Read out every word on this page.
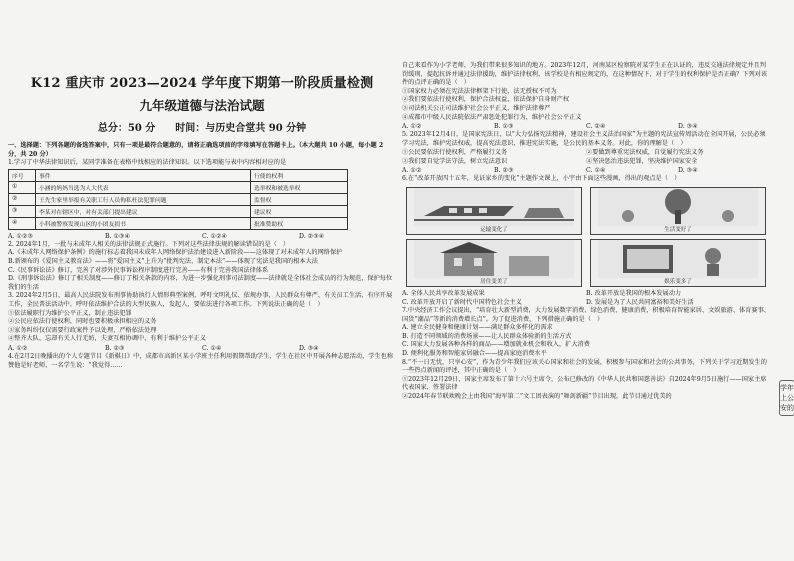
K12 重庆市 2023—2024 学年度下期第一阶段质量检测
九年级道德与法治试题
总分：50 分　　时间：与历史合堂共 90 分钟

一、选择题：下列各题的备选答案中，只有一项是最符合题意的，请将正确选项前的字母填写在答题卡上。（本大题共 10 小题，每小题 2 分，共 20 分）

1.学习了中华法律知识后，某同学准备在表格中找相应的法律知识。以下选项能与表中内容相对应的是

序号	事件	行使的权利
①	小涵的妈妈当选为人大代表	选举权和被选举权
②	王先生家里举报有关职工行人员徇私枉法犯罪问题	监督权
③	李某对在辖区中，对有关部门提出建议	建议权
④	小科被警察发现山区的小团友捐书	批准赞助权
A. ①②③	B. ①③④	C. ①②④	D. ②③④

2. 2024年1月，一批与未成年人相关的法律法规正式施行。下列对这些法律法规的解读错误的是（　）

A.《未成年人网络保护条例》的施行标志着我国未成年人网络保护法治建设进入新阶段——这体现了对未成年人的网络保护

B.新颁布的《爱国主义教育法》——将“爱国主义”上升为“批判宪法、制定本法”——体现了宪法是我国的根本大法

C.《民事诉讼法》修订，完善了对涉外民事诉讼程序制度进行完善——有利于完善我国法律体系

D.《刑事诉讼法》修订了相关制度——修订了相关条款的内容，为进一步强化刑事司法制度——法律就是全体社会成员的行为规范，保护每位我们的生活

3. 2024年2月5日，最高人民法院发布刑事协助执行人情形典型案例，呼吁文明礼仪、依规办事，人民群众有尊严、有关员工生活、有序开展工作，全民普法活动中，呼吁依法维护合法的大型民族人，发起人，要依法进行各项工作。下列说法正确的是（　）

①依法履职行为维护公平正义，制止违法犯罪

②公民应依法行使权利，同时也要积极承担相应的义务

③家务纠纷仅仅需要行政案件予以处理，严格依法处理

④整齐大队、忘却有关人行无妨，夫妻互相协调中，有利于维护公平正义

A. ①②	B. ②③	C. ①④	D. ③④

4.在2月2日晚播出的个人专题节目《新棋日》中，成都市高新区某小学班主任利用假期帮助学生，学生在社区中开展各种志愿活动，学生也称赞他是好老师，一名学生说：“我觉得……

自己来看作为小学老师，为我们带来很多知识的地方。2023年12月，河南某区检察院对某学生正在认证的，违反交通法律规定并且判罚缓刑，提起抗诉并通过法律援助，维护法律权利，该学校是有相应规定的，在这种情况下，对于学生的权利保护是否正确？下列对该件的点评正确的是（　）

①国家权力必须在宪法法律框架下行使，法无授权不可为

②我们要依法行使权利，保护合法权益，依法保护自身财产权

③司法机关公正司法维护社会公平正义，维护法律尊严

④成都市中级人民法院依法严肃惩处犯罪行为，维护社会公平正义

A. ①②	B. ①③	C. ②④	D. ③④

5. 2023年12月4日，是国家宪法日，以“大力弘扬宪法精神，建设社会主义法治国家”为主题的宪法宣传周活动在全国开展，公民必须学习宪法，维护宪法权威，提高宪法意识，推进宪法实施，是公民的基本义务。对此，你的理解是（　）

①公民要依法行使权利，严格履行义务	②要做到尊重宪法权威，自觉履行宪法义务
③我们要自觉学法守法，树立宪法意识	④坚决惩治违法犯罪，坚决维护国家安全
A. ①②	B. ②③	C. ①④	D. ③④

6.在“改革开放四十五年，见证家乡的变化”主题作文课上，小宇由下面这些漫画，得出的观点是（　）

运输变化了	生活变好了
居住变美了	娱乐变多了
A. 全体人民共享改革发展成果	B. 改革开放是我国的根本发展动力
C. 改革开放开启了新时代中国特色社会主义	D. 发展是为了人民共同富裕和美好生活

7.中央经济工作会议提出，“培育壮大新型消费，大力发展数字消费、绿色消费、健康消费，积极培育智能家居、文娱旅游、体育赛事、国货“潮品”等新的消费增长点”。为了促进消费，下列措施正确的是（　）

A. 建立全民健身和健康计划——满足群众多样化的需求

B. 打造不同领域的消费场景——让人民群众体验新的生活方式

C. 国家大力发展各种各样的商品——增加就业机会和收入，扩大消费

D. 便利化服务和智能家居融合——提高家庭消费水平

8.“不一日无忧，只享心安”，作为青少年我们应该关心国家和社会的发展，积极参与国家和社会的公共事务，下列关于学习近期发生的一些热点新闻的评述，其中正确的是（　）

①2023年12月29日，国家主席发布了第十六号主席令，公布已修改的《中华人民共和国慈善法》自2024年9月5日施行——国家主席代表国家，签署法律

②2024年春节联欢晚会上由我国“海军第二”文工团表演的“舞剑新疆”节目出现，此节目通过优美的

学年上公安的
